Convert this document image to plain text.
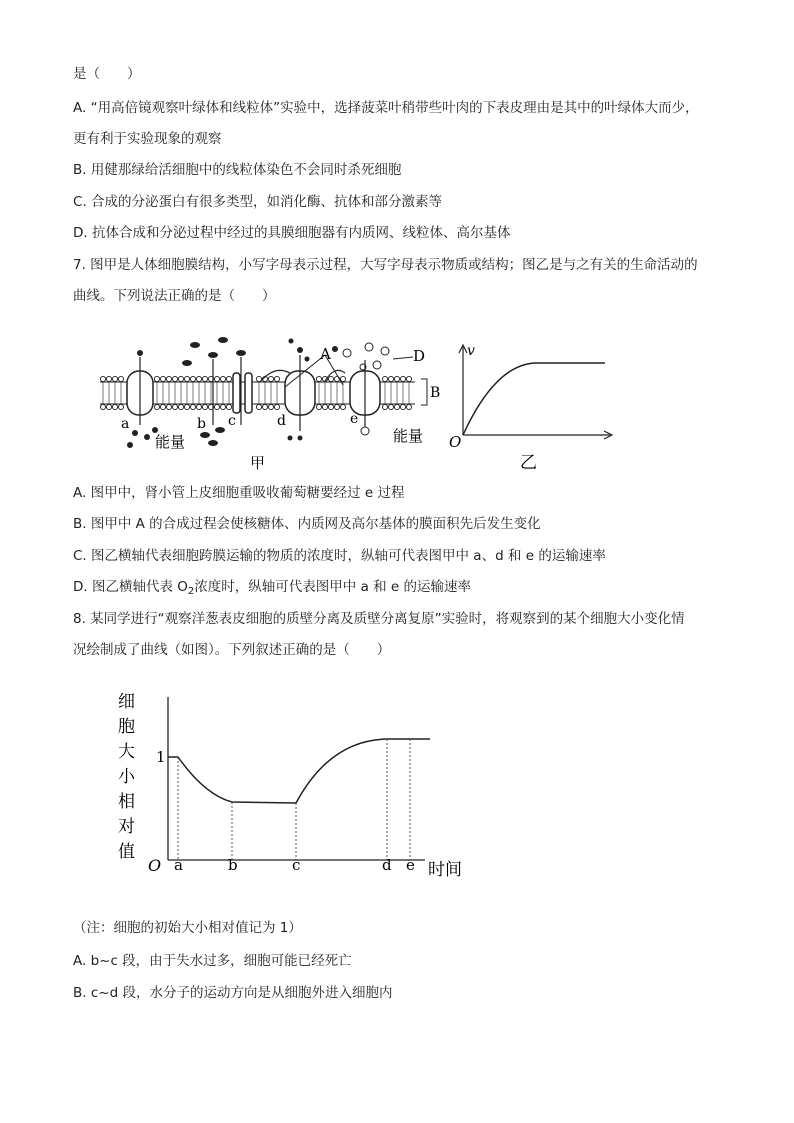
是（　　）
A. “用高倍镜观察叶绿体和线粒体”实验中，选择菠菜叶稍带些叶肉的下表皮理由是其中的叶绿体大而少，
更有利于实验现象的观察
B. 用健那绿给活细胞中的线粒体染色不会同时杀死细胞
C. 合成的分泌蛋白有很多类型，如消化酶、抗体和部分激素等
D. 抗体合成和分泌过程中经过的具膜细胞器有内质网、线粒体、高尔基体
7. 图甲是人体细胞膜结构，小写字母表示过程，大写字母表示物质或结构；图乙是与之有关的生命活动的
曲线。下列说法正确的是（　　）
A	D
B
a	b c	d	e
能量	能量
甲
v
O
乙
A. 图甲中，肾小管上皮细胞重吸收葡萄糖要经过 e 过程
B. 图甲中 A 的合成过程会使核糖体、内质网及高尔基体的膜面积先后发生变化
C. 图乙横轴代表细胞跨膜运输的物质的浓度时，纵轴可代表图甲中 a、d 和 e 的运输速率
D. 图乙横轴代表 $O_2$浓度时，纵轴可代表图甲中 a 和 e 的运输速率
8. 某同学进行“观察洋葱表皮细胞的质壁分离及质壁分离复原”实验时，将观察到的某个细胞大小变化情
况绘制成了曲线（如图）。下列叙述正确的是（　　）
细
胞
大
小
相
对
值
1
O a	b	c	d e 时间
（注：细胞的初始大小相对值记为 1）
A. b~c 段，由于失水过多，细胞可能已经死亡
B. c~d 段，水分子的运动方向是从细胞外进入细胞内
